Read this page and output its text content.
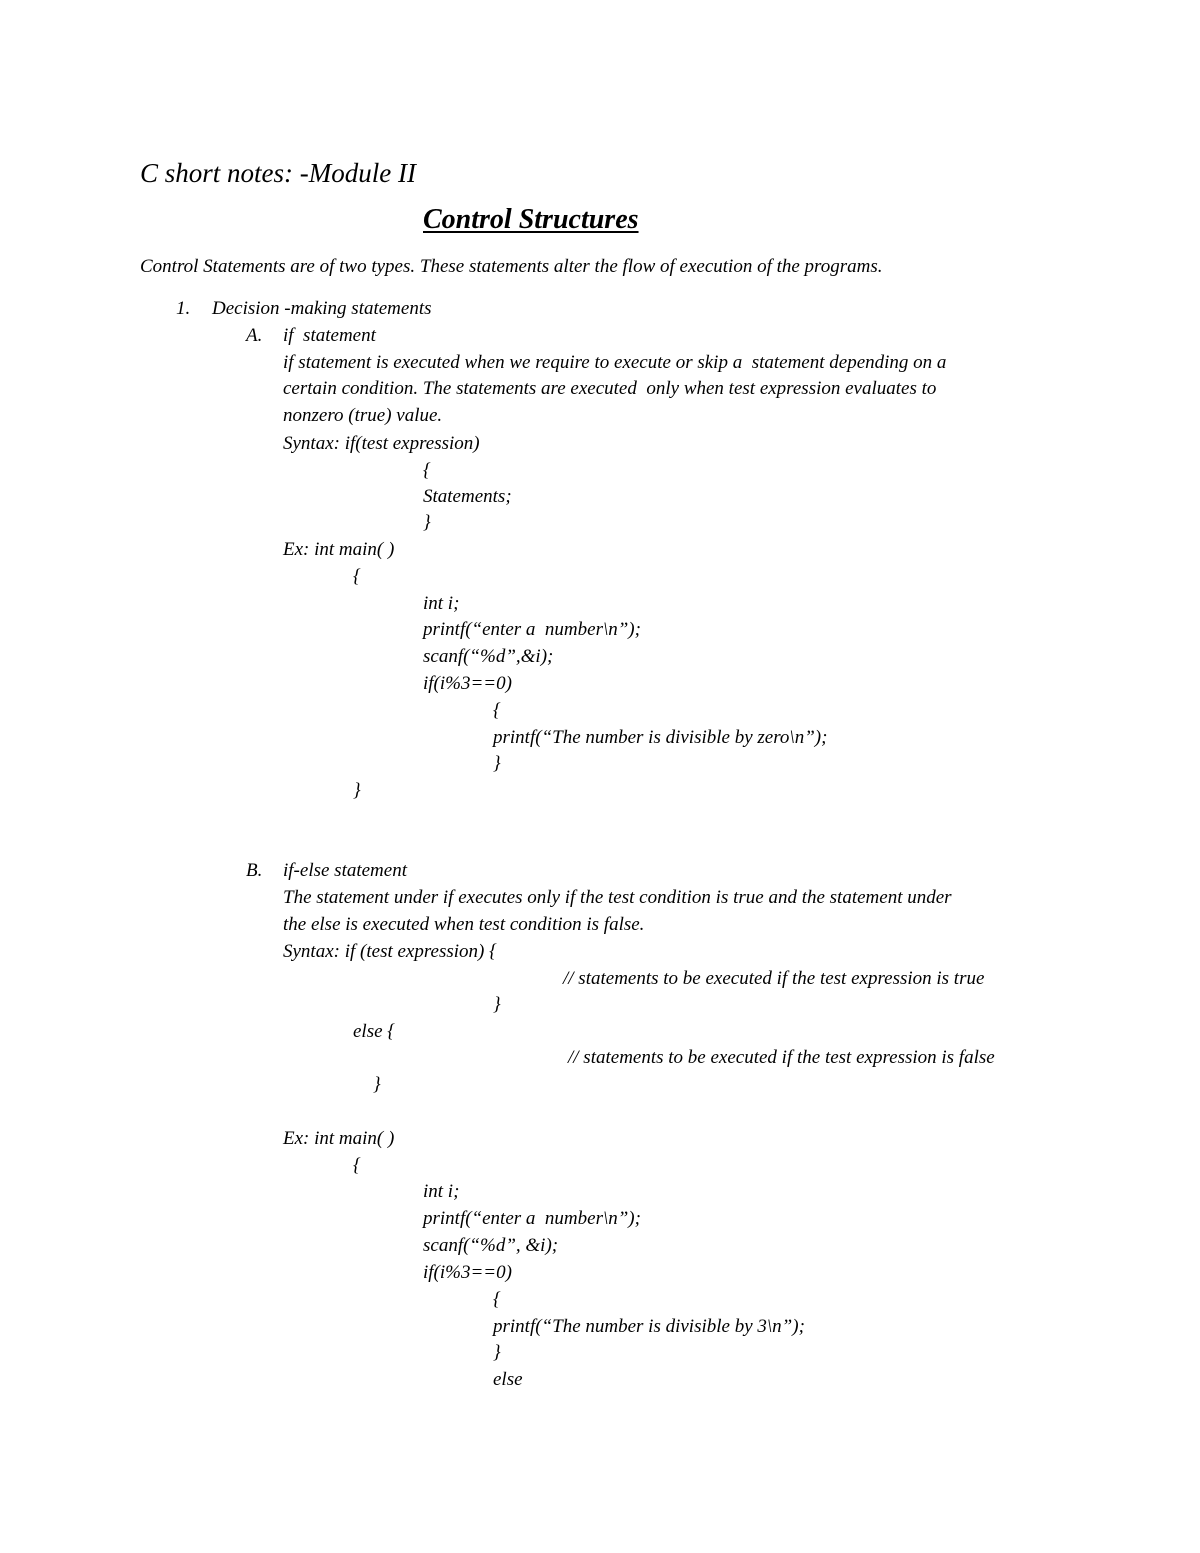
C short notes: -Module II
Control Structures
Control Statements are of two types. These statements alter the flow of execution of the programs.
1. Decision -making statements
A. if  statement
if statement is executed when we require to execute or skip a  statement depending on a
certain condition. The statements are executed  only when test expression evaluates to
nonzero (true) value.
Syntax: if(test expression)
{
Statements;
}
Ex: int main( )
{
int i;
printf(“enter a  number\n”);
scanf(“%d”,&i);
if(i%3==0)
{
printf(“The number is divisible by zero\n”);
}
}
B. if-else statement
The statement under if executes only if the test condition is true and the statement under
the else is executed when test condition is false.
Syntax: if (test expression) {
// statements to be executed if the test expression is true
}
else {
// statements to be executed if the test expression is false
}
Ex: int main( )
{
int i;
printf(“enter a  number\n”);
scanf(“%d”, &i);
if(i%3==0)
{
printf(“The number is divisible by 3\n”);
}
else
